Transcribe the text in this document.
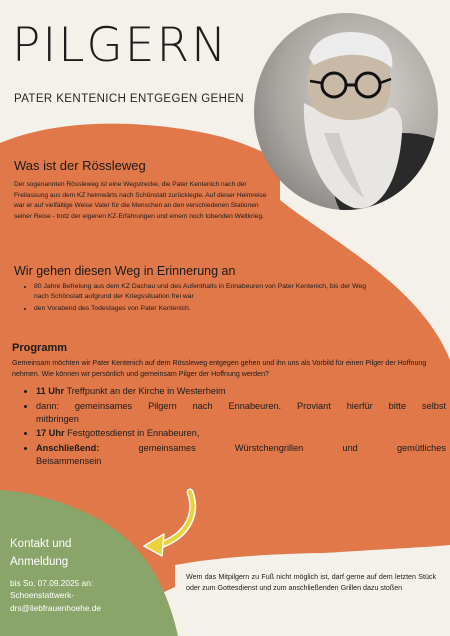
PILGERN
PATER KENTENICH ENTGEGEN GEHEN
Was ist der Rössleweg

Der sogenannten Rössleweg ist eine Wegstrecke, die Pater Kentenich nach der Freilassung aus dem KZ heimwärts nach Schönstatt zurücklegte. Auf dieser Heimreise war er auf vielfältige Weise Vater für die Menschen an den verschiedenen Stationen seiner Reise - trotz der eigenen KZ-Erfahrungen und einem noch tobenden Weltkrieg.

Wir gehen diesen Weg in Erinnerung an
• 80 Jahre Befreiung aus dem KZ Dachau und des Aufenthalts in Ennabeuren von Pater Kentenich, bis der Weg nach Schönstatt aufgrund der Kriegssituation frei war
• den Vorabend des Todestages von Pater Kentenich.
Programm

Gemeinsam möchten wir Pater Kentenich auf dem Rössleweg entgegen gehen und ihn uns als Vorbild für einen Pilger der Hoffnung nehmen. Wie können wir persönlich und gemeinsam Pilger der Hoffnung werden?

• 11 Uhr Treffpunkt an der Kirche in Westerheim
• dann: gemeinsames Pilgern nach Ennabeuren. Proviant hierfür bitte selbst
mitbringen
• 17 Uhr Festgottesdienst in Ennabeuren,
• Anschließend: gemeinsames Würstchengrillen und gemütliches
Beisammensein
Kontakt und
Anmeldung
bis So, 07.09.2025 an:
Schoenstattwerk-
drs@liebfrauenhoehe.de
Wem das Mitpilgern zu Fuß nicht möglich ist, darf gerne auf dem letzten Stück oder zum Gottesdienst und zum anschließenden Grillen dazu stoßen
